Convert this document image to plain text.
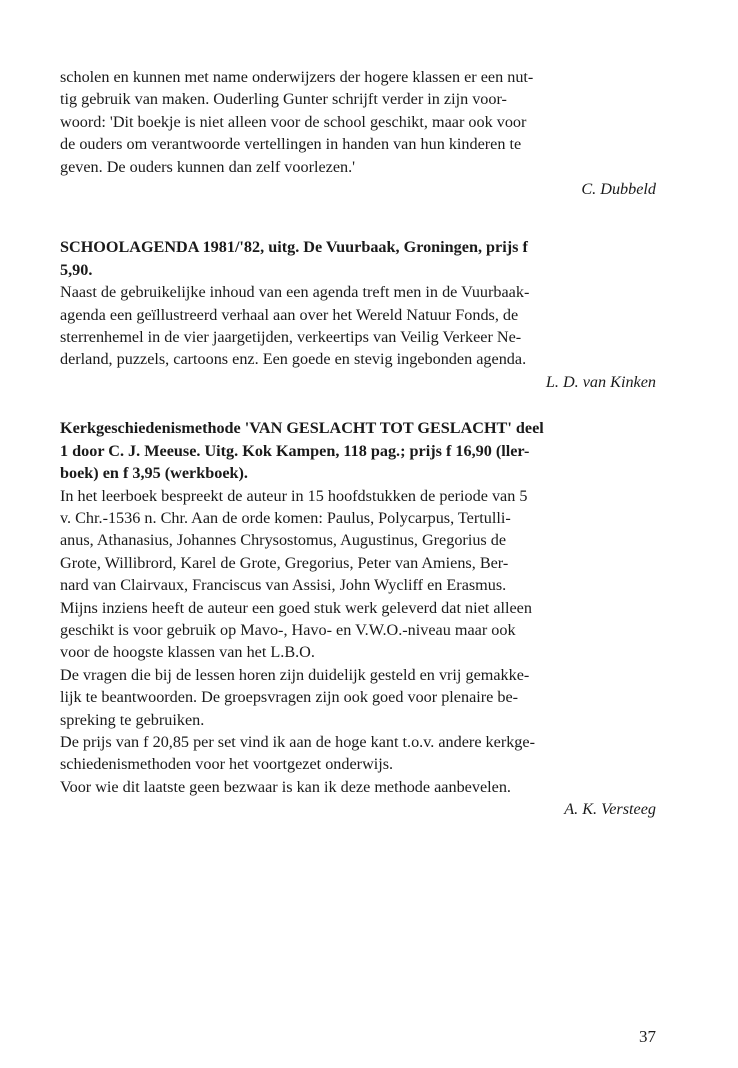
scholen en kunnen met name onderwijzers der hogere klassen er een nut-

tig gebruik van maken. Ouderling Gunter schrijft verder in zijn voor-

woord: 'Dit boekje is niet alleen voor de school geschikt, maar ook voor

de ouders om verantwoorde vertellingen in handen van hun kinderen te

geven. De ouders kunnen dan zelf voorlezen.'

C. Dubbeld

SCHOOLAGENDA 1981/'82, uitg. De Vuurbaak, Groningen, prijs f

5,90.

Naast de gebruikelijke inhoud van een agenda treft men in de Vuurbaak-

agenda een geïllustreerd verhaal aan over het Wereld Natuur Fonds, de

sterrenhemel in de vier jaargetijden, verkeertips van Veilig Verkeer Ne-

derland, puzzels, cartoons enz. Een goede en stevig ingebonden agenda.

L. D. van Kinken

Kerkgeschiedenismethode 'VAN GESLACHT TOT GESLACHT' deel

1 door C. J. Meeuse. Uitg. Kok Kampen, 118 pag.; prijs f 16,90 (ller-

boek) en f 3,95 (werkboek).

In het leerboek bespreekt de auteur in 15 hoofdstukken de periode van 5

v. Chr.-1536 n. Chr. Aan de orde komen: Paulus, Polycarpus, Tertulli-

anus, Athanasius, Johannes Chrysostomus, Augustinus, Gregorius de

Grote, Willibrord, Karel de Grote, Gregorius, Peter van Amiens, Ber-

nard van Clairvaux, Franciscus van Assisi, John Wycliff en Erasmus.

Mijns inziens heeft de auteur een goed stuk werk geleverd dat niet alleen

geschikt is voor gebruik op Mavo-, Havo- en V.W.O.-niveau maar ook

voor de hoogste klassen van het L.B.O.

De vragen die bij de lessen horen zijn duidelijk gesteld en vrij gemakke-

lijk te beantwoorden. De groepsvragen zijn ook goed voor plenaire be-

spreking te gebruiken.

De prijs van f 20,85 per set vind ik aan de hoge kant t.o.v. andere kerkge-

schiedenismethoden voor het voortgezet onderwijs.

Voor wie dit laatste geen bezwaar is kan ik deze methode aanbevelen.

A. K. Versteeg

37
